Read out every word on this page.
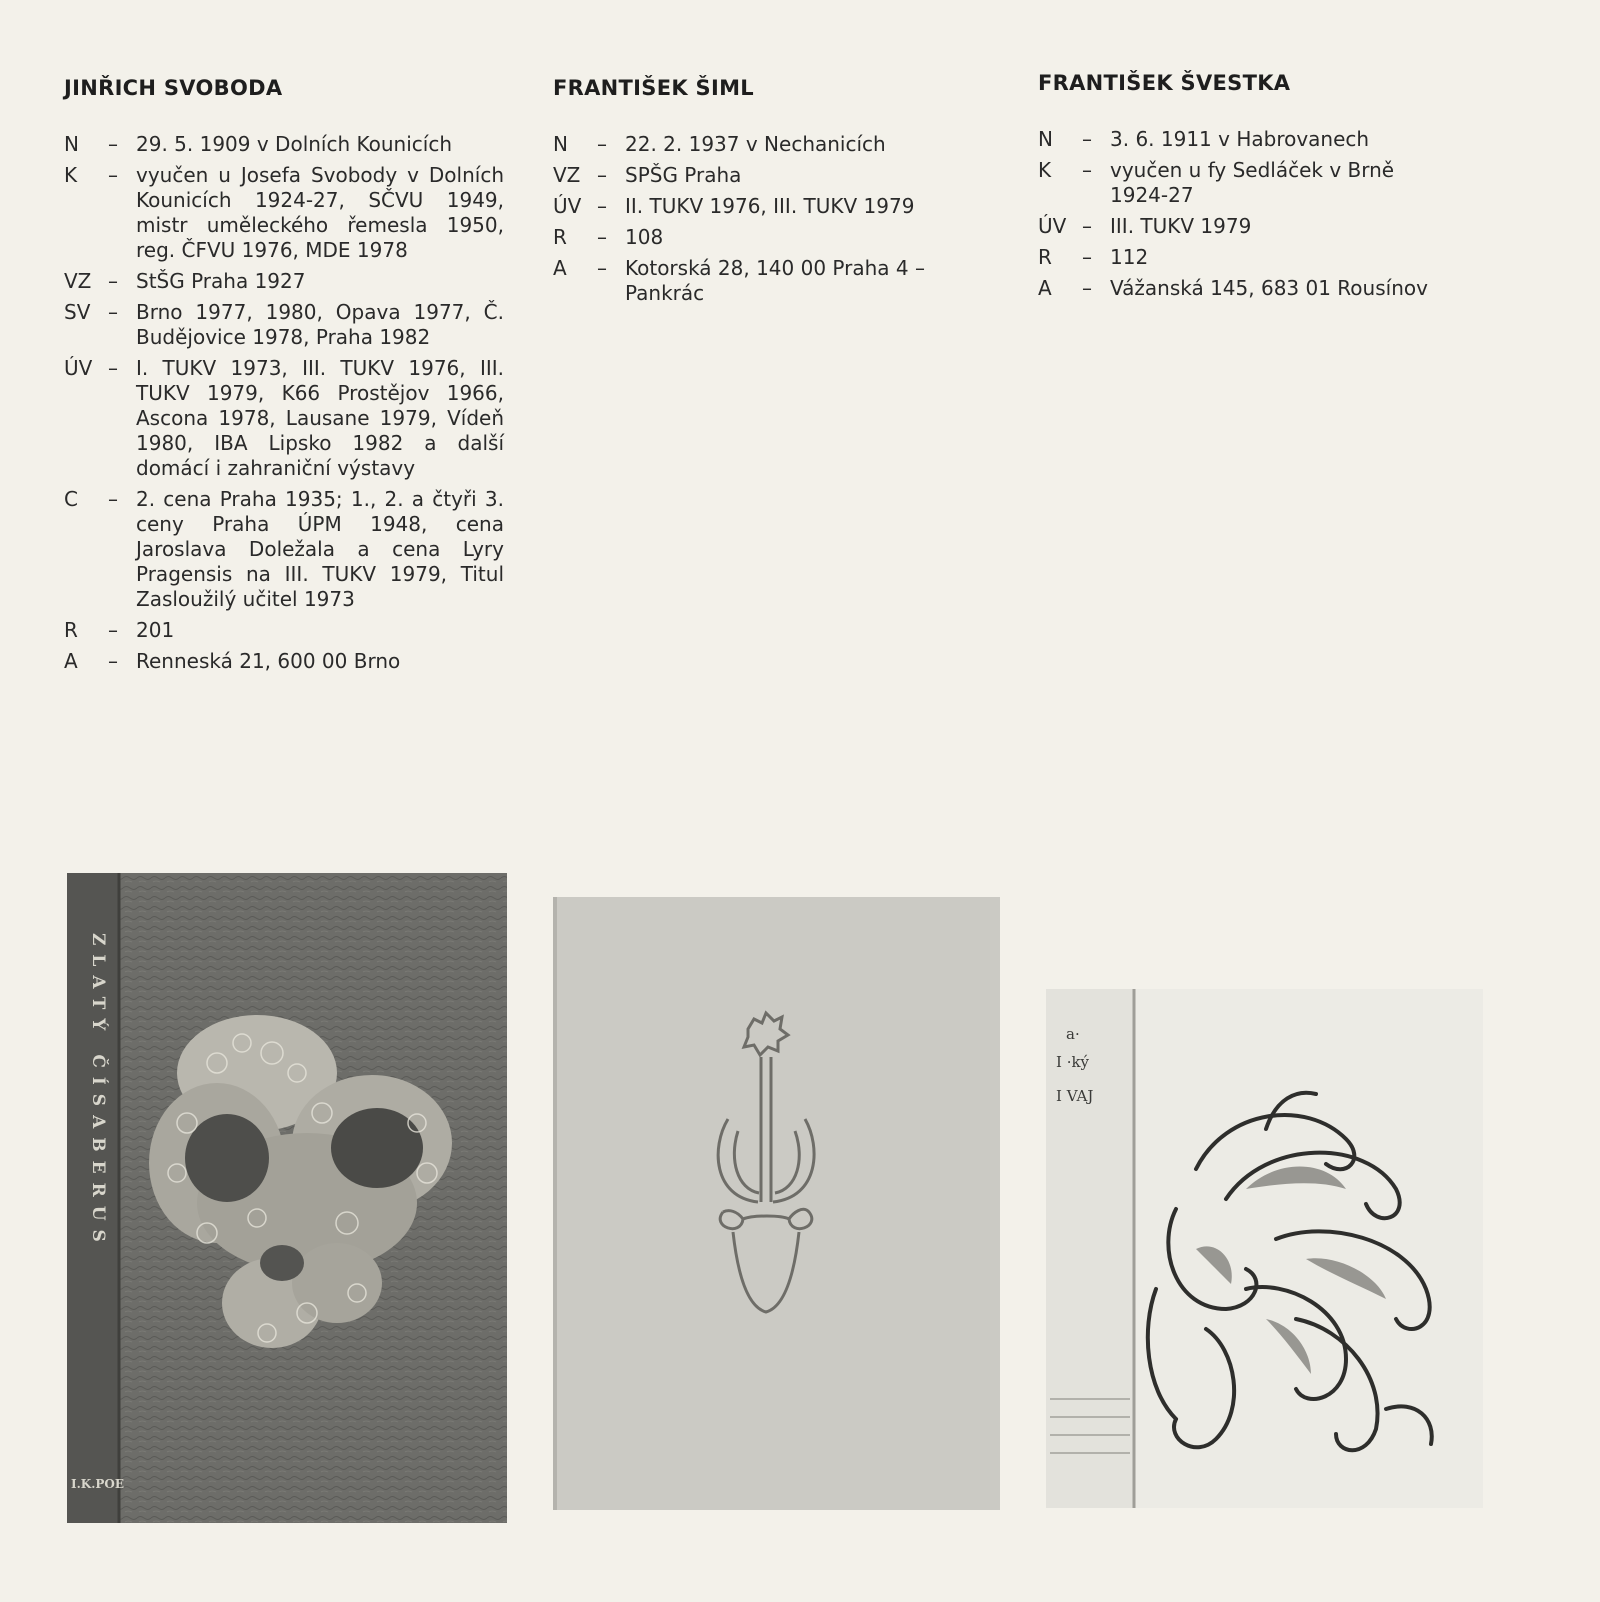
JINŘICH SVOBODA
N	– 29. 5. 1909 v Dolních Kounicích
K	– vyučen u Josefa Svobody v Dolních Kounicích 1924-27, SČVU 1949, mistr uměleckého řemesla 1950, reg. ČFVU 1976, MDE 1978
VZ – StŠG Praha 1927
SV – Brno 1977, 1980, Opava 1977, Č. Budějovice 1978, Praha 1982
ÚV – I. TUKV 1973, III. TUKV 1976, III. TUKV 1979, K66 Prostějov 1966, Ascona 1978, Lausane 1979, Vídeň 1980, IBA Lipsko 1982 a další domácí i zahraniční výstavy
C	– 2. cena Praha 1935; 1., 2. a čtyři 3. ceny Praha ÚPM 1948, cena Jaroslava Doležala a cena Lyry Pragensis na III. TUKV 1979, Titul Zasloužilý učitel 1973
R	– 201
A	– Renneská 21, 600 00 Brno
FRANTIŠEK ŠIML
N	– 22. 2. 1937 v Nechanicích
VZ – SPŠG Praha
ÚV – II. TUKV 1976, III. TUKV 1979
R	– 108
A	– Kotorská 28, 140 00 Praha 4 – Pankrác
FRANTIŠEK ŠVESTKA
N	– 3. 6. 1911 v Habrovanech
K	– vyučen u fy Sedláček v Brně 1924-27
ÚV – III. TUKV 1979
R	– 112
A	– Vážanská 145, 683 01 Rousínov
ZLATÝ ČÍSABERUS
I.K.POE
a·
I ·ký
I VAJ
